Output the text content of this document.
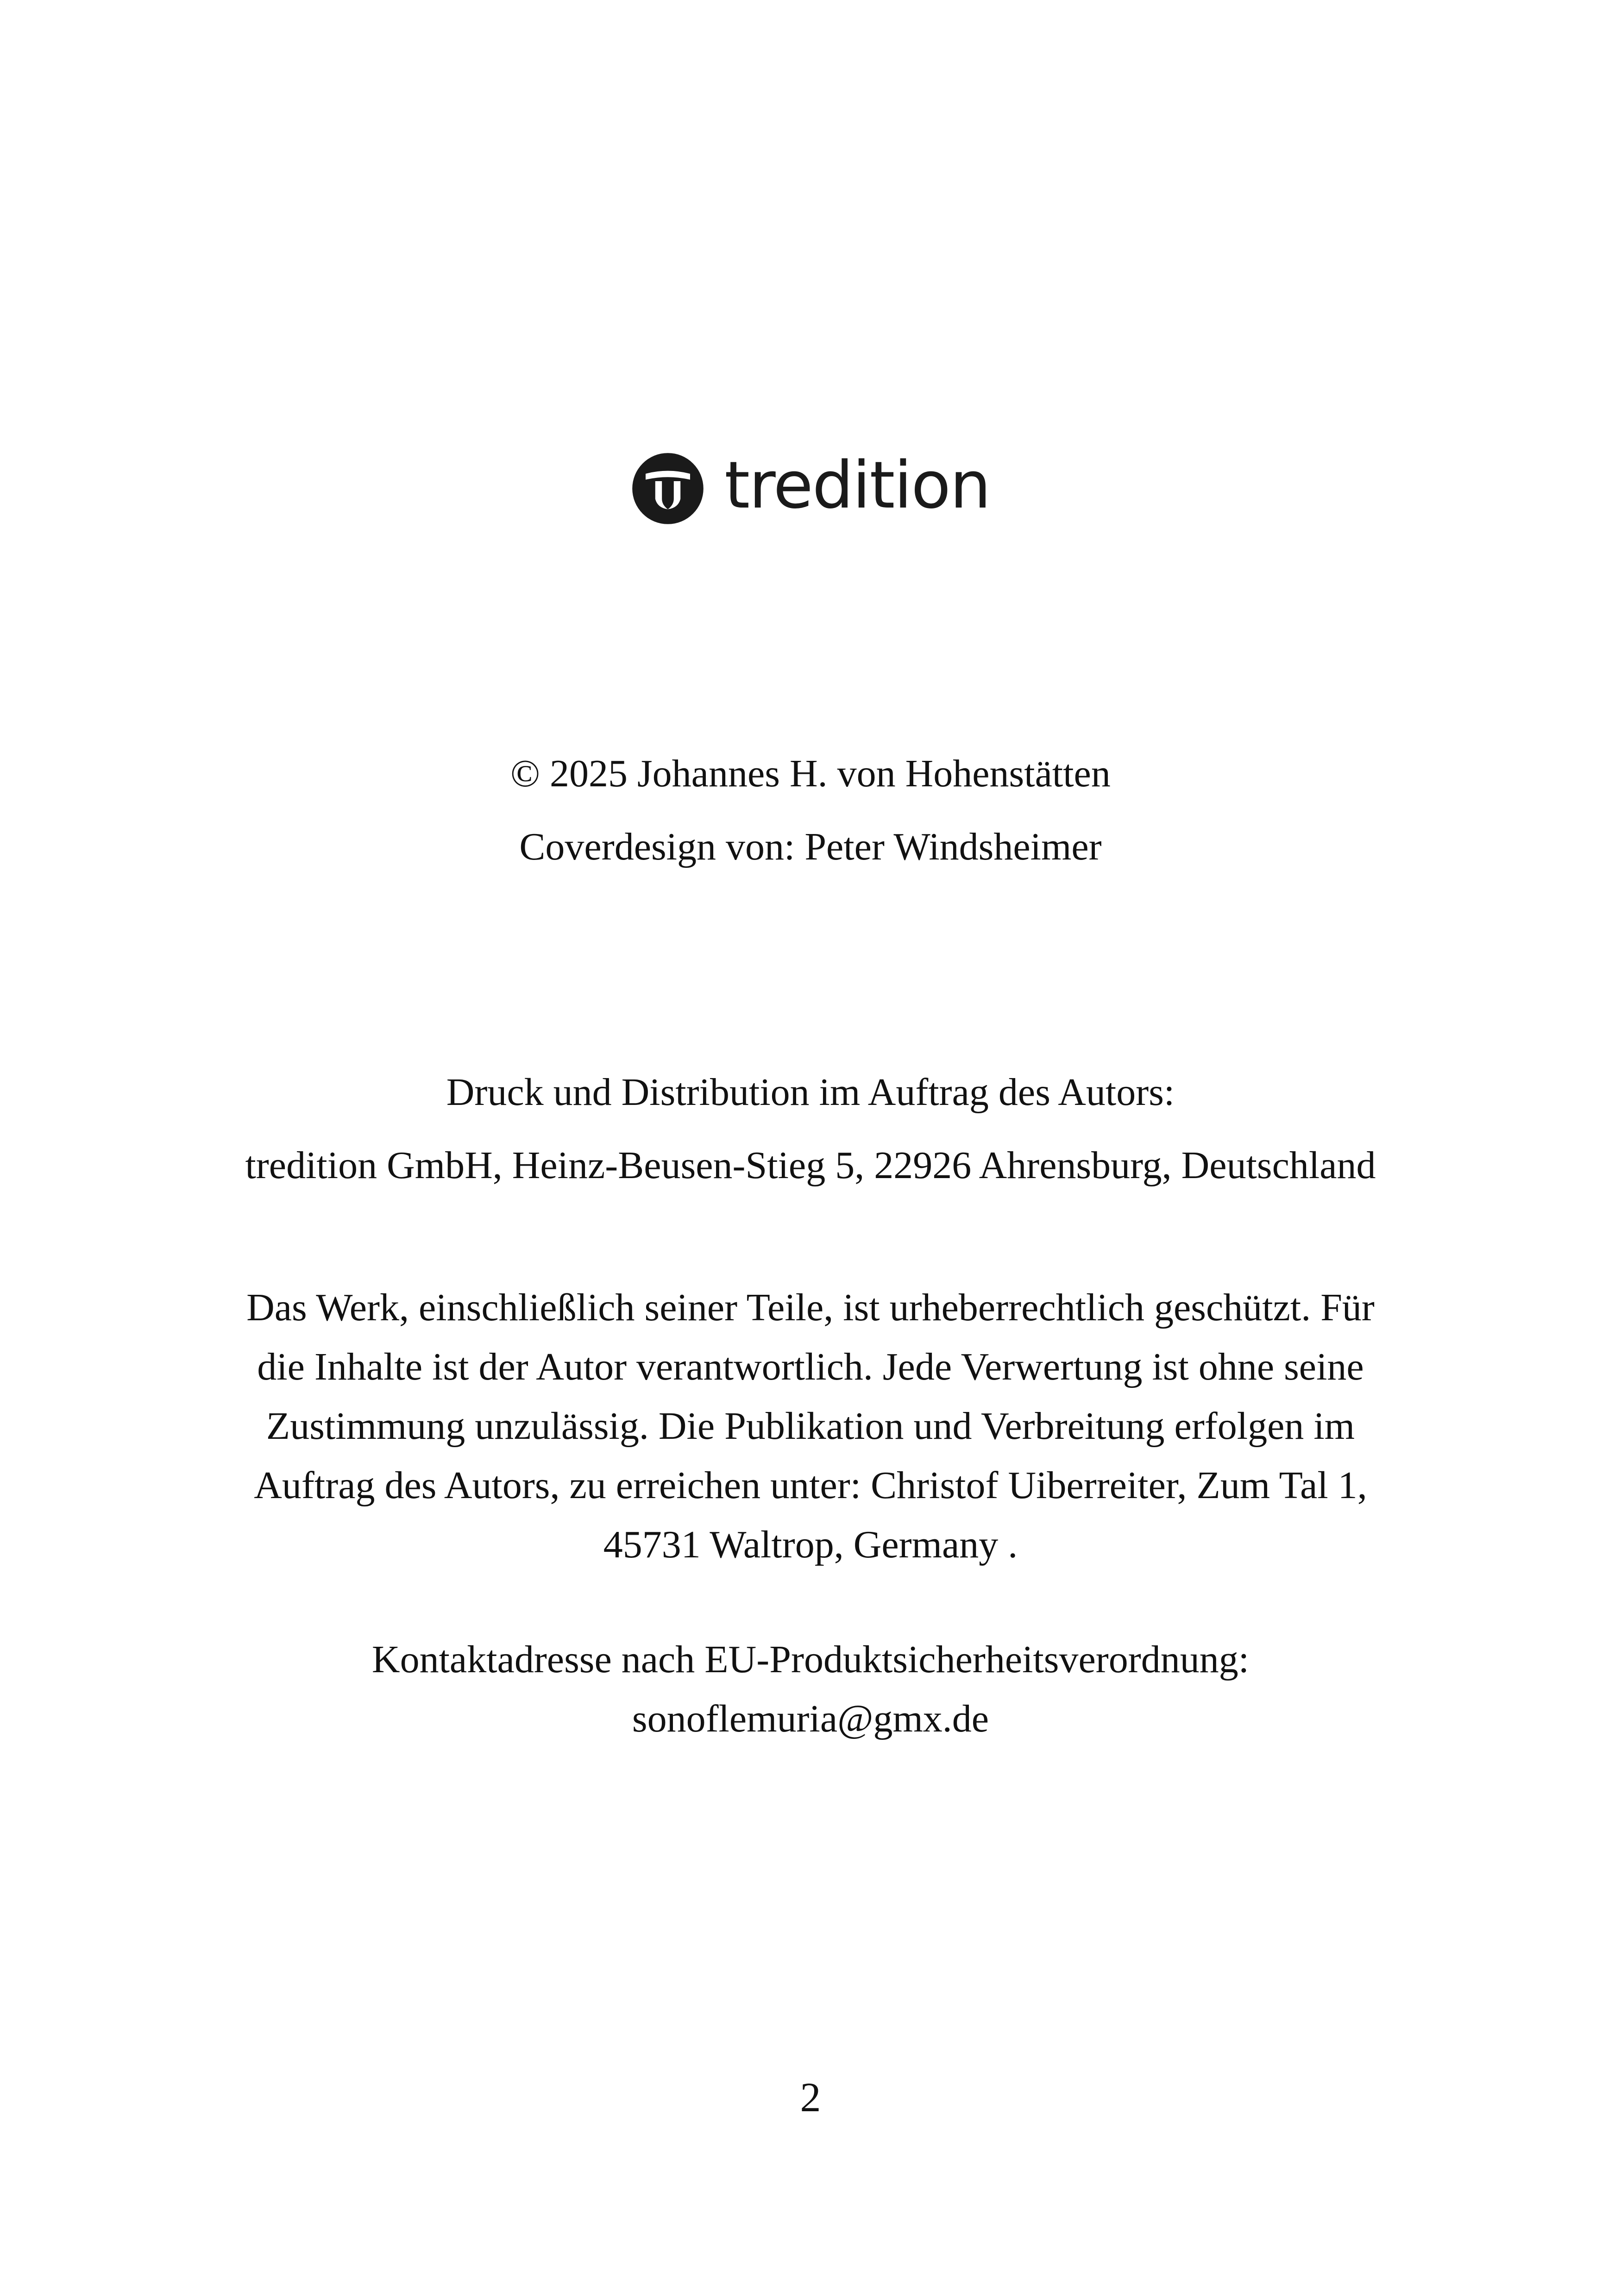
tredition
© 2025 Johannes H. von Hohenstätten
Coverdesign von: Peter Windsheimer
Druck und Distribution im Auftrag des Autors:
tredition GmbH, Heinz-Beusen-Stieg 5, 22926 Ahrensburg, Deutschland
Das Werk, einschließlich seiner Teile, ist urheberrechtlich geschützt. Für
die Inhalte ist der Autor verantwortlich. Jede Verwertung ist ohne seine
Zustimmung unzulässig. Die Publikation und Verbreitung erfolgen im
Auftrag des Autors, zu erreichen unter: Christof Uiberreiter, Zum Tal 1,
45731 Waltrop, Germany .
Kontaktadresse nach EU-Produktsicherheitsverordnung:
sonoflemuria@gmx.de
2
